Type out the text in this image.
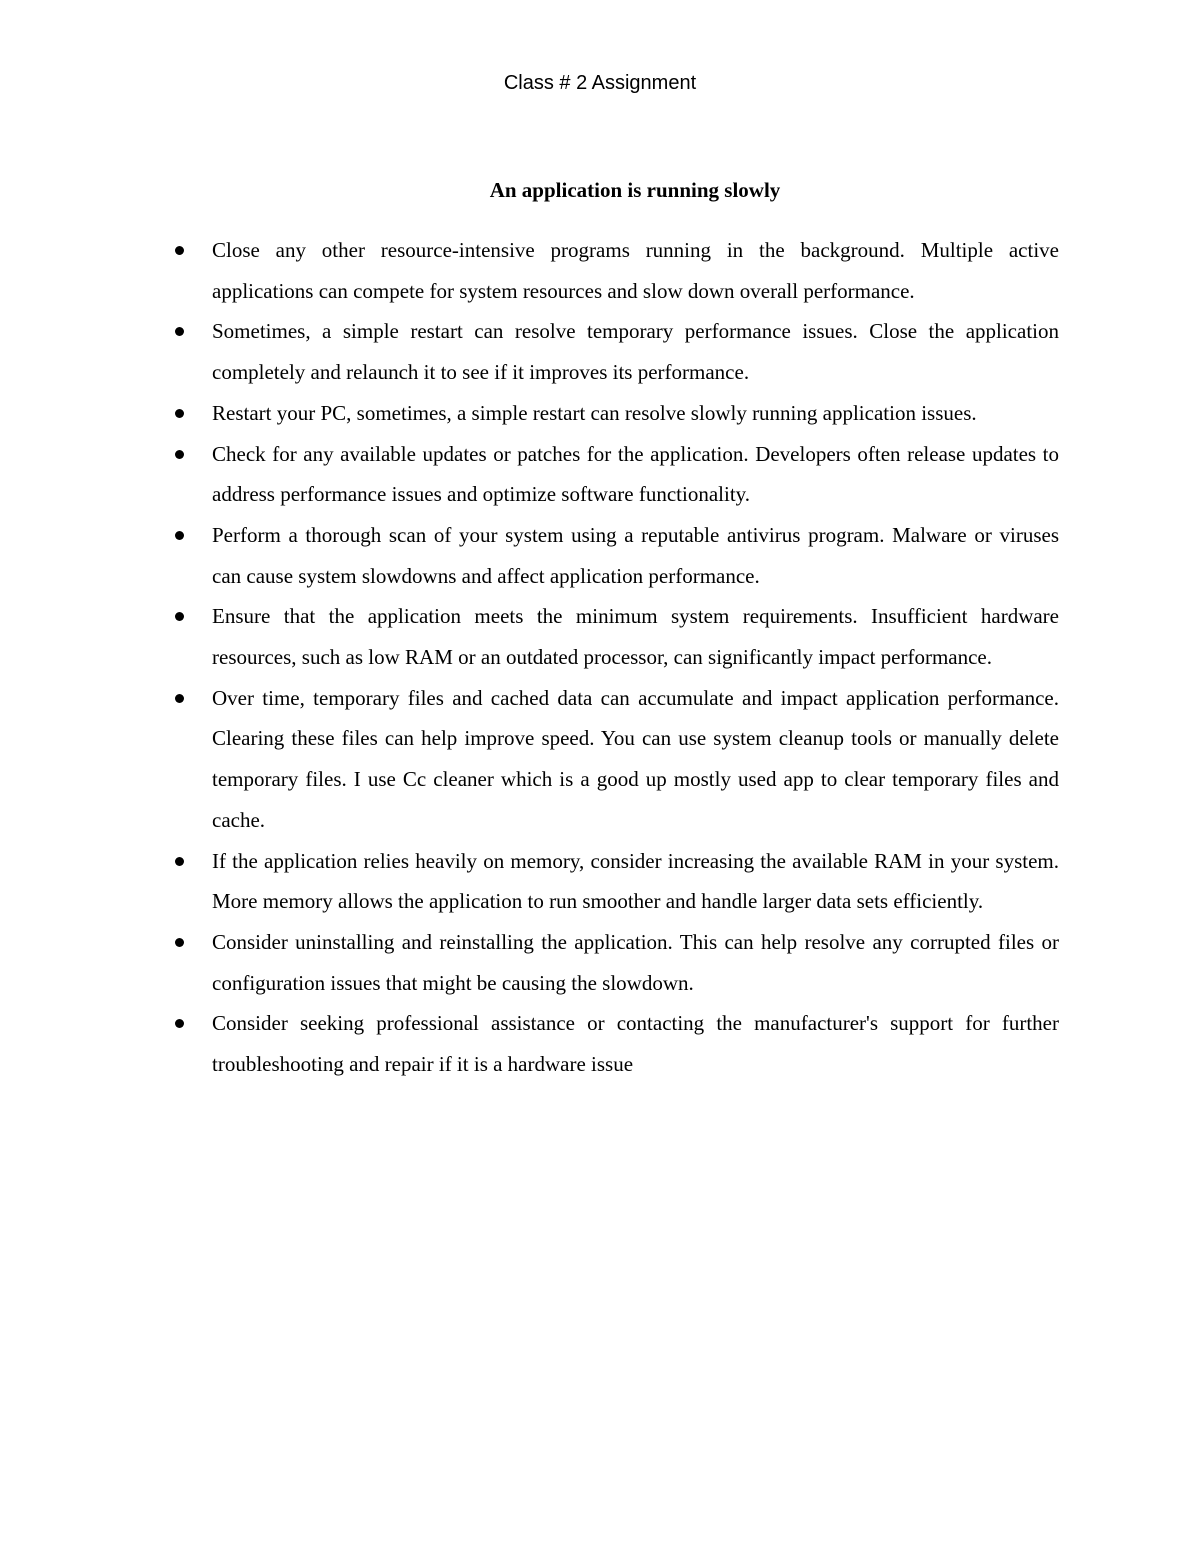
Class # 2 Assignment
An application is running slowly
Close any other resource-intensive programs running in the background. Multiple active applications can compete for system resources and slow down overall performance.
Sometimes, a simple restart can resolve temporary performance issues. Close the application completely and relaunch it to see if it improves its performance.
Restart your PC, sometimes, a simple restart can resolve slowly running application issues.
Check for any available updates or patches for the application. Developers often release updates to address performance issues and optimize software functionality.
Perform a thorough scan of your system using a reputable antivirus program. Malware or viruses can cause system slowdowns and affect application performance.
Ensure that the application meets the minimum system requirements. Insufficient hardware resources, such as low RAM or an outdated processor, can significantly impact performance.
Over time, temporary files and cached data can accumulate and impact application performance. Clearing these files can help improve speed. You can use system cleanup tools or manually delete temporary files. I use Cc cleaner which is a good up mostly used app to clear temporary files and cache.
If the application relies heavily on memory, consider increasing the available RAM in your system. More memory allows the application to run smoother and handle larger data sets efficiently.
Consider uninstalling and reinstalling the application. This can help resolve any corrupted files or configuration issues that might be causing the slowdown.
Consider seeking professional assistance or contacting the manufacturer's support for further troubleshooting and repair if it is a hardware issue
